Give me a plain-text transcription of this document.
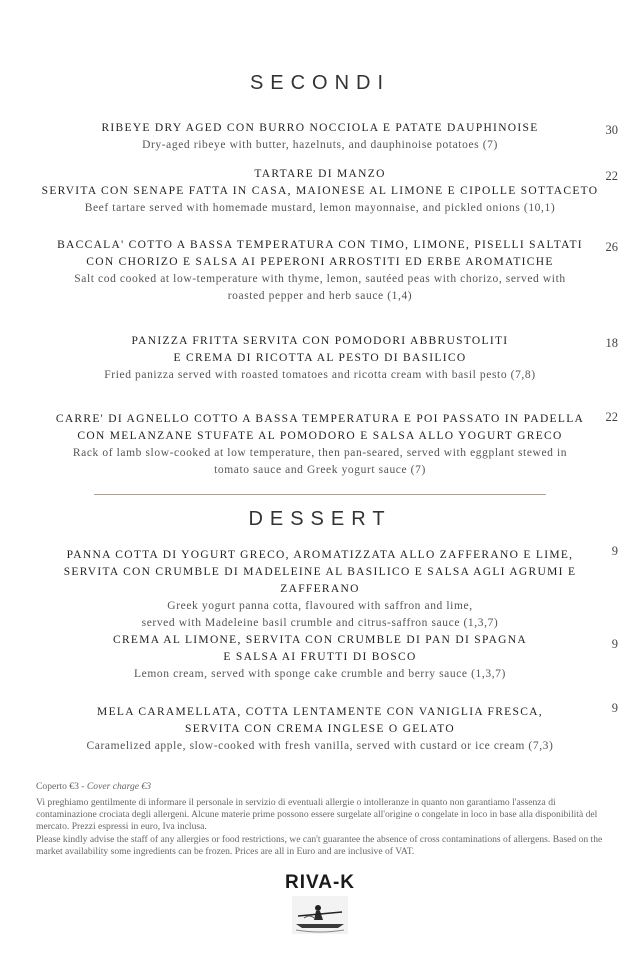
SECONDI
RIBEYE DRY AGED CON BURRO NOCCIOLA E PATATE DAUPHINOISE
Dry-aged ribeye with butter, hazelnuts, and dauphinoise potatoes (7)
30
TARTARE DI MANZO
SERVITA CON SENAPE FATTA IN CASA, MAIONESE AL LIMONE E CIPOLLE SOTTACETO
Beef tartare served with homemade mustard, lemon mayonnaise, and pickled onions (10,1)
22
BACCALA' COTTO A BASSA TEMPERATURA CON TIMO, LIMONE, PISELLI SALTATI
CON CHORIZO E SALSA AI PEPERONI ARROSTITI ED ERBE AROMATICHE
Salt cod cooked at low-temperature with thyme, lemon, sautéed peas with chorizo, served with
roasted pepper and herb sauce (1,4)
26
PANIZZA FRITTA SERVITA CON POMODORI ABBRUSTOLITI
E CREMA DI RICOTTA AL PESTO DI BASILICO
Fried panizza served with roasted tomatoes and ricotta cream with basil pesto (7,8)
18
CARRE' DI AGNELLO COTTO A BASSA TEMPERATURA E POI PASSATO IN PADELLA
CON MELANZANE STUFATE AL POMODORO E SALSA ALLO YOGURT GRECO
Rack of lamb slow-cooked at low temperature, then pan-seared, served with eggplant stewed in
tomato sauce and Greek yogurt sauce (7)
22
DESSERT
PANNA COTTA DI YOGURT GRECO, AROMATIZZATA ALLO ZAFFERANO E LIME,
SERVITA CON CRUMBLE DI MADELEINE AL BASILICO E SALSA AGLI AGRUMI E ZAFFERANO
Greek yogurt panna cotta, flavoured with saffron and lime,
served with Madeleine basil crumble and citrus-saffron sauce (1,3,7)
9
CREMA AL LIMONE, SERVITA CON CRUMBLE DI PAN DI SPAGNA
E SALSA AI FRUTTI DI BOSCO
Lemon cream, served with sponge cake crumble and berry sauce (1,3,7)
9
MELA CARAMELLATA, COTTA LENTAMENTE CON VANIGLIA FRESCA,
SERVITA CON CREMA INGLESE O GELATO
Caramelized apple, slow-cooked with fresh vanilla, served with custard or ice cream (7,3)
9
Coperto €3 - Cover charge €3
Vi preghiamo gentilmente di informare il personale in servizio di eventuali allergie o intolleranze in quanto non garantiamo l'assenza di contaminazione crociata degli allergeni. Alcune materie prime possono essere surgelate all'origine o congelate in loco in base alla disponibilità del mercato. Prezzi espressi in euro, Iva inclusa.
Please kindly advise the staff of any allergies or food restrictions, we can't guarantee the absence of cross contaminations of allergens. Based on the market availability some ingredients can be frozen. Prices are all in Euro and are inclusive of VAT.
RIVA-K
